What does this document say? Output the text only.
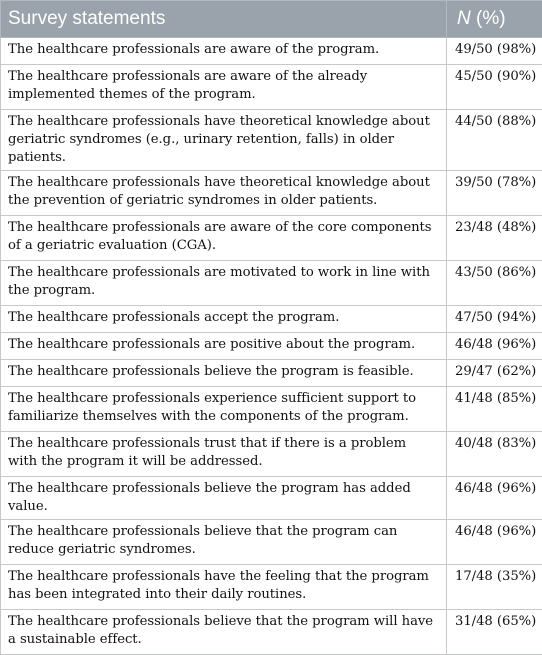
Survey statements	N (%)
The healthcare professionals are aware of the program.	49/50 (98%)
The healthcare professionals are aware of the already implemented themes of the program.	45/50 (90%)
The healthcare professionals have theoretical knowledge about geriatric syndromes (e.g., urinary retention, falls) in older patients.	44/50 (88%)
The healthcare professionals have theoretical knowledge about the prevention of geriatric syndromes in older patients.	39/50 (78%)
The healthcare professionals are aware of the core components of a geriatric evaluation (CGA).	23/48 (48%)
The healthcare professionals are motivated to work in line with the program.	43/50 (86%)
The healthcare professionals accept the program.	47/50 (94%)
The healthcare professionals are positive about the program.	46/48 (96%)
The healthcare professionals believe the program is feasible.	29/47 (62%)
The healthcare professionals experience sufficient support to familiarize themselves with the components of the program.	41/48 (85%)
The healthcare professionals trust that if there is a problem with the program it will be addressed.	40/48 (83%)
The healthcare professionals believe the program has added value.	46/48 (96%)
The healthcare professionals believe that the program can reduce geriatric syndromes.	46/48 (96%)
The healthcare professionals have the feeling that the program has been integrated into their daily routines.	17/48 (35%)
The healthcare professionals believe that the program will have a sustainable effect.	31/48 (65%)
